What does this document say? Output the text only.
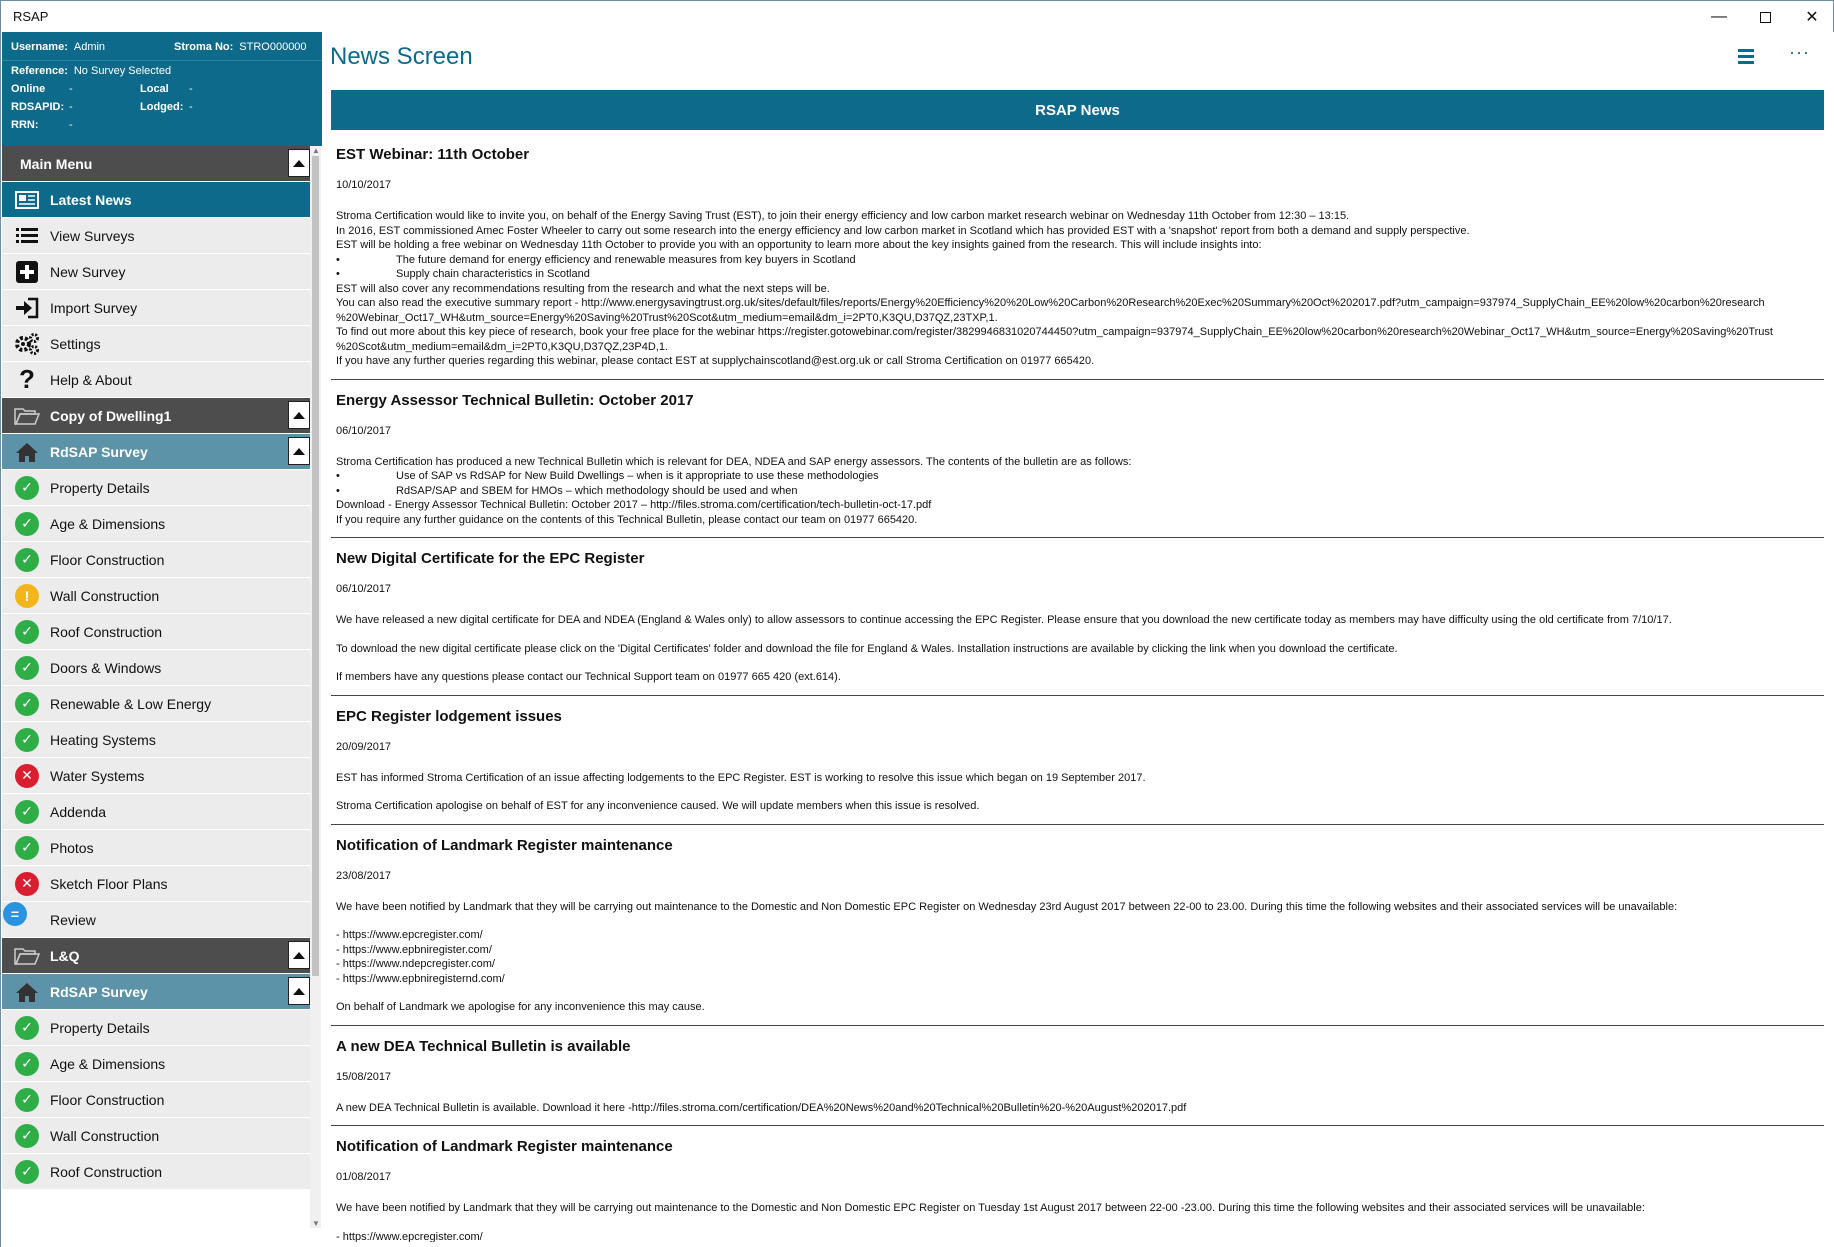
RSAP	—	✕
Username: Admin	Stroma No: STRO000000
Reference: No Survey Selected
Online -	Local -
RDSAPID: -	Lodged: -
RRN:	-
Main Menu
Latest News
View Surveys
New Survey
Import Survey
Settings
?	Help & About
Copy of Dwelling1
RdSAP Survey
✓	Property Details
✓	Age & Dimensions
✓	Floor Construction
!	Wall Construction
✓	Roof Construction
✓	Doors & Windows
✓	Renewable & Low Energy
✓	Heating Systems
✕	Water Systems
✓	Addenda
✓	Photos
✕	Sketch Floor Plans
=	Review
L&Q
RdSAP Survey
✓	Property Details
✓	Age & Dimensions
✓	Floor Construction
✓	Wall Construction
✓	Roof Construction
▲
▼
News Screen	···
RSAP News
EST Webinar: 11th October
10/10/2017

Stroma Certification would like to invite you, on behalf of the Energy Saving Trust (EST), to join their energy efficiency and low carbon market research webinar on Wednesday 11th October from 12:30 – 13:15.
In 2016, EST commissioned Amec Foster Wheeler to carry out some research into the energy efficiency and low carbon market in Scotland which has provided EST with a 'snapshot' report from both a demand and supply perspective.
EST will be holding a free webinar on Wednesday 11th October to provide you with an opportunity to learn more about the key insights gained from the research. This will include insights into:

•	The future demand for energy efficiency and renewable measures from key buyers in Scotland
•	Supply chain characteristics in Scotland

EST will also cover any recommendations resulting from the research and what the next steps will be.
You can also read the executive summary report - http://www.energysavingtrust.org.uk/sites/default/files/reports/Energy%20Efficiency%20%20Low%20Carbon%20Research%20Exec%20Summary%20Oct%202017.pdf?utm_campaign=937974_SupplyChain_EE%20low%20carbon%20research
%20Webinar_Oct17_WH&utm_source=Energy%20Saving%20Trust%20Scot&utm_medium=email&dm_i=2PT0,K3QU,D37QZ,23TXP,1.
To find out more about this key piece of research, book your free place for the webinar https://register.gotowebinar.com/register/3829946831020744450?utm_campaign=937974_SupplyChain_EE%20low%20carbon%20research%20Webinar_Oct17_WH&utm_source=Energy%20Saving%20Trust
%20Scot&utm_medium=email&dm_i=2PT0,K3QU,D37QZ,23P4D,1.
If you have any further queries regarding this webinar, please contact EST at supplychainscotland@est.org.uk or call Stroma Certification on 01977 665420.

Energy Assessor Technical Bulletin: October 2017
06/10/2017

Stroma Certification has produced a new Technical Bulletin which is relevant for DEA, NDEA and SAP energy assessors. The contents of the bulletin are as follows:

•	Use of SAP vs RdSAP for New Build Dwellings – when is it appropriate to use these methodologies
•	RdSAP/SAP and SBEM for HMOs – which methodology should be used and when

Download - Energy Assessor Technical Bulletin: October 2017 – http://files.stroma.com/certification/tech-bulletin-oct-17.pdf
If you require any further guidance on the contents of this Technical Bulletin, please contact our team on 01977 665420.

New Digital Certificate for the EPC Register
06/10/2017

We have released a new digital certificate for DEA and NDEA (England & Wales only) to allow assessors to continue accessing the EPC Register. Please ensure that you download the new certificate today as members may have difficulty using the old certificate from 7/10/17.

To download the new digital certificate please click on the 'Digital Certificates' folder and download the file for England & Wales. Installation instructions are available by clicking the link when you download the certificate.

If members have any questions please contact our Technical Support team on 01977 665 420 (ext.614).

EPC Register lodgement issues
20/09/2017

EST has informed Stroma Certification of an issue affecting lodgements to the EPC Register. EST is working to resolve this issue which began on 19 September 2017.

Stroma Certification apologise on behalf of EST for any inconvenience caused. We will update members when this issue is resolved.

Notification of Landmark Register maintenance
23/08/2017

We have been notified by Landmark that they will be carrying out maintenance to the Domestic and Non Domestic EPC Register on Wednesday 23rd August 2017 between 22-00 to 23.00. During this time the following websites and their associated services will be unavailable:

- https://www.epcregister.com/
- https://www.epbniregister.com/
- https://www.ndepcregister.com/
- https://www.epbniregisternd.com/

On behalf of Landmark we apologise for any inconvenience this may cause.

A new DEA Technical Bulletin is available
15/08/2017

A new DEA Technical Bulletin is available. Download it here -http://files.stroma.com/certification/DEA%20News%20and%20Technical%20Bulletin%20-%20August%202017.pdf

Notification of Landmark Register maintenance
01/08/2017

We have been notified by Landmark that they will be carrying out maintenance to the Domestic and Non Domestic EPC Register on Tuesday 1st August 2017 between 22-00 -23.00. During this time the following websites and their associated services will be unavailable:

- https://www.epcregister.com/
